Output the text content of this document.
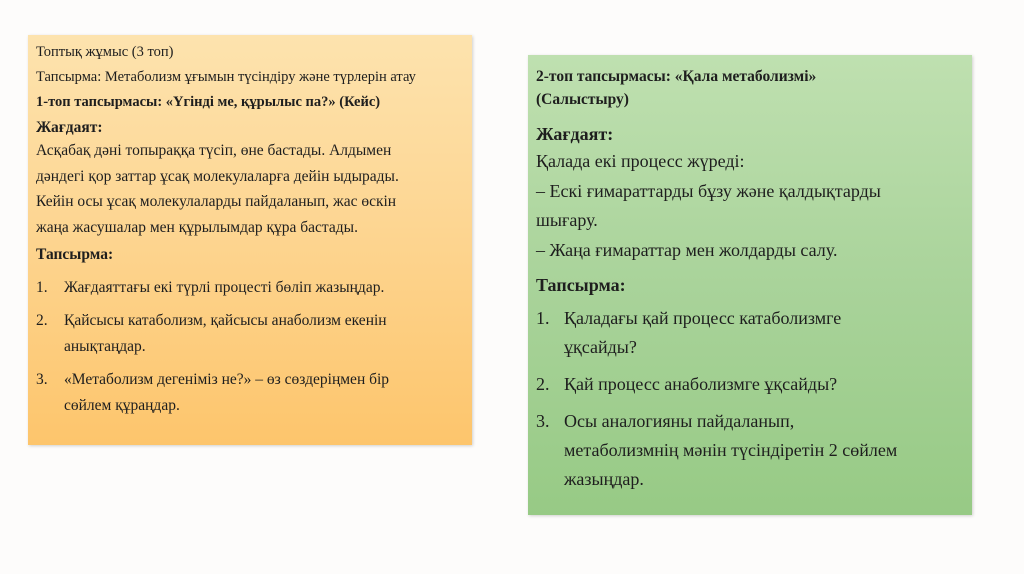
Топтық жұмыс (3 топ)

Тапсырма: Метаболизм ұғымын түсіндіру және түрлерін атау

1-топ тапсырмасы: «Үгінді ме, құрылыс па?» (Кейс)

Жағдаят:

Асқабақ дәні топыраққа түсіп, өне бастады. Алдымен
дәндегі қор заттар ұсақ молекулаларға дейін ыдырады.
Кейін осы ұсақ молекулаларды пайдаланып, жас өскін
жаңа жасушалар мен құрылымдар құра бастады.

Тапсырма:

1.	Жағдаяттағы екі түрлі процесті бөліп жазыңдар.
2.	Қайсысы катаболизм, қайсысы анаболизм екенін
анықтаңдар.
3.	«Метаболизм дегеніміз не?» – өз сөздеріңмен бір
сөйлем құраңдар.
2-топ тапсырмасы: «Қала метаболизмі»
(Салыстыру)

Жағдаят:

Қалада екі процесс жүреді:
– Ескі ғимараттарды бұзу және қалдықтарды
шығару.
– Жаңа ғимараттар мен жолдарды салу.

Тапсырма:

1. Қаладағы қай процесс катаболизмге
ұқсайды?
2. Қай процесс анаболизмге ұқсайды?
3. Осы аналогияны пайдаланып,
метаболизмнің мәнін түсіндіретін 2 сөйлем
жазыңдар.
